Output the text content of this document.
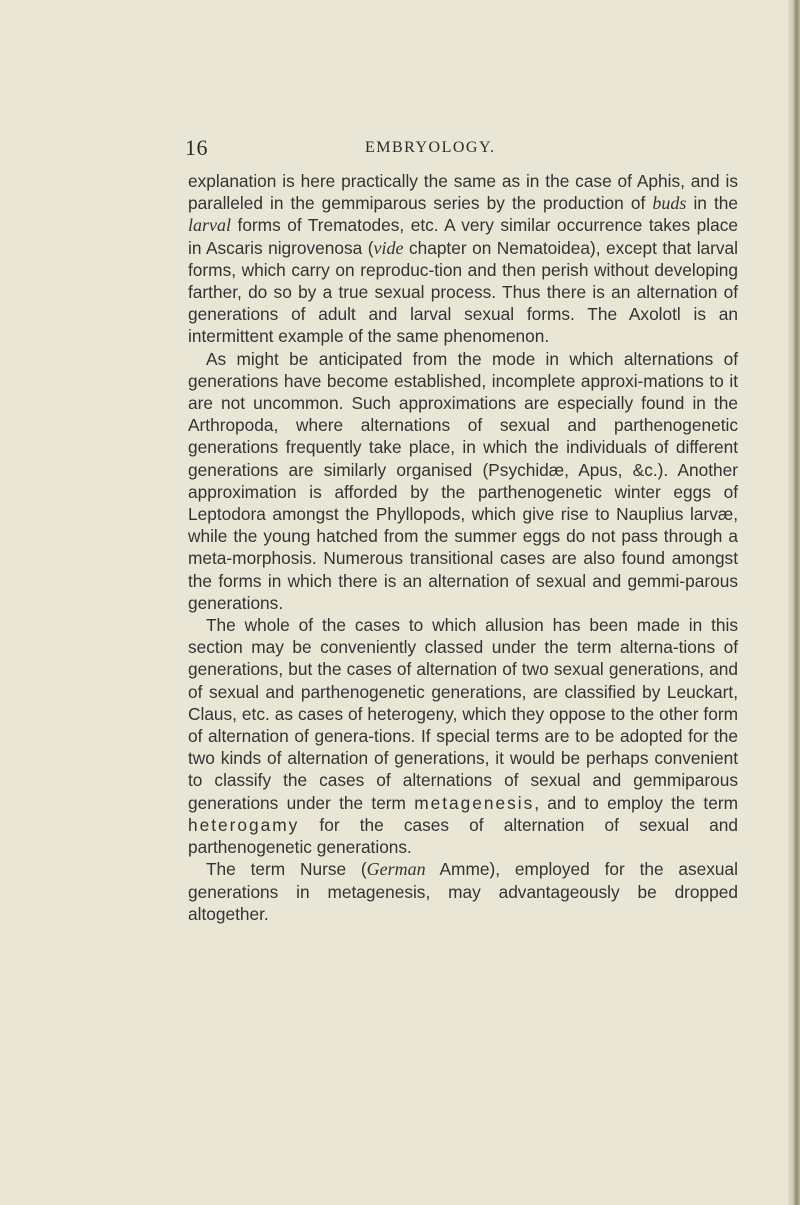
16	EMBRYOLOGY.

explanation is here practically the same as in the case of Aphis, and is paralleled in the gemmiparous series by the production of buds in the larval forms of Trematodes, etc. A very similar occurrence takes place in Ascaris nigrovenosa (vide chapter on Nematoidea), except that larval forms, which carry on reproduc-tion and then perish without developing farther, do so by a true sexual process. Thus there is an alternation of generations of adult and larval sexual forms. The Axolotl is an intermittent example of the same phenomenon.

As might be anticipated from the mode in which alternations of generations have become established, incomplete approxi-mations to it are not uncommon. Such approximations are especially found in the Arthropoda, where alternations of sexual and parthenogenetic generations frequently take place, in which the individuals of different generations are similarly organised (Psychidæ, Apus, &c.). Another approximation is afforded by the parthenogenetic winter eggs of Leptodora amongst the Phyllopods, which give rise to Nauplius larvæ, while the young hatched from the summer eggs do not pass through a meta-morphosis. Numerous transitional cases are also found amongst the forms in which there is an alternation of sexual and gemmi-parous generations.

The whole of the cases to which allusion has been made in this section may be conveniently classed under the term alterna-tions of generations, but the cases of alternation of two sexual generations, and of sexual and parthenogenetic generations, are classified by Leuckart, Claus, etc. as cases of heterogeny, which they oppose to the other form of alternation of genera-tions. If special terms are to be adopted for the two kinds of alternation of generations, it would be perhaps convenient to classify the cases of alternations of sexual and gemmiparous generations under the term metagenesis, and to employ the term heterogamy for the cases of alternation of sexual and parthenogenetic generations.

The term Nurse (German Amme), employed for the asexual generations in metagenesis, may advantageously be dropped altogether.
